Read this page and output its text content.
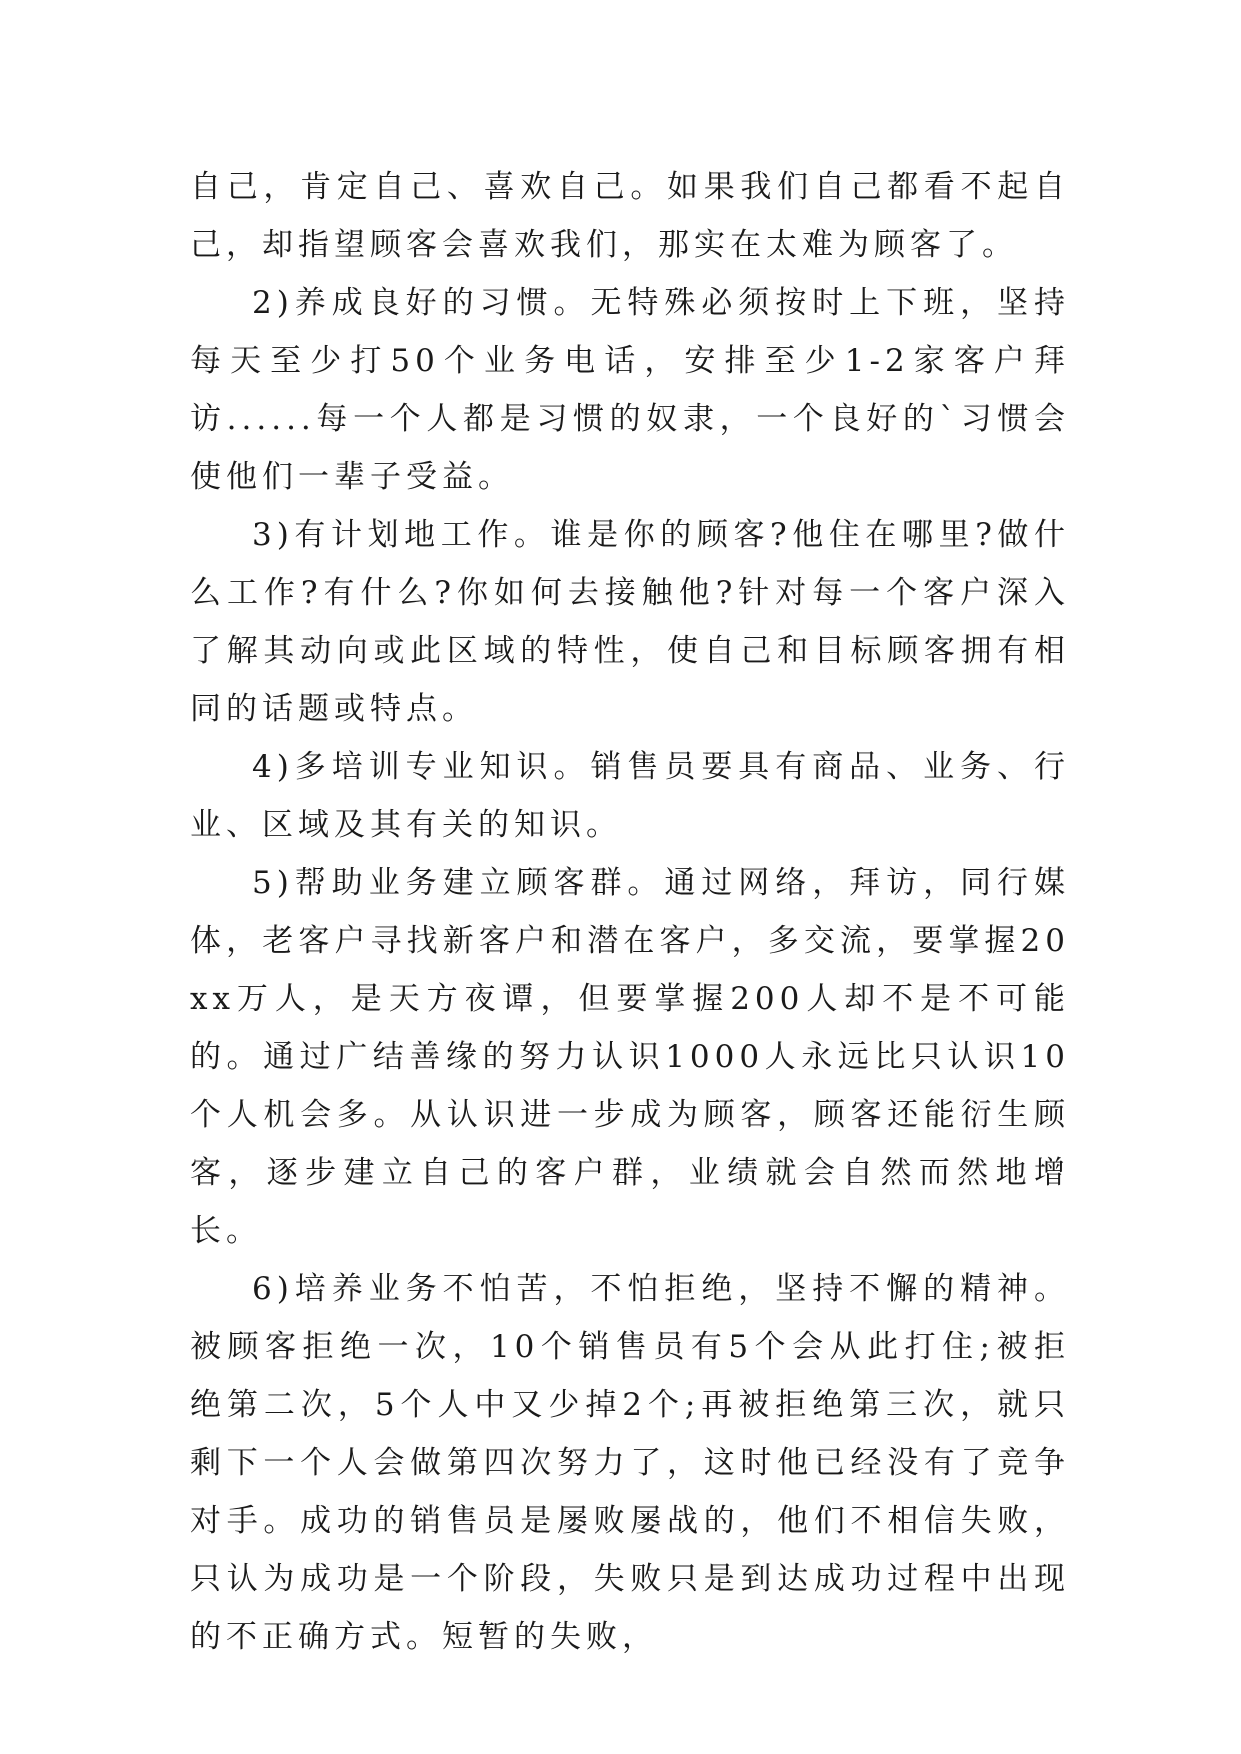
自己，肯定自己、喜欢自己。如果我们自己都看不起自己，却指望顾客会喜欢我们，那实在太难为顾客了。

2)养成良好的习惯。无特殊必须按时上下班，坚持每天至少打50个业务电话，安排至少1-2家客户拜访......每一个人都是习惯的奴隶，一个良好的`习惯会使他们一辈子受益。

3)有计划地工作。谁是你的顾客?他住在哪里?做什么工作?有什么?你如何去接触他?针对每一个客户深入了解其动向或此区域的特性，使自己和目标顾客拥有相同的话题或特点。

4)多培训专业知识。销售员要具有商品、业务、行业、区域及其有关的知识。

5)帮助业务建立顾客群。通过网络，拜访，同行媒体，老客户寻找新客户和潜在客户，多交流，要掌握20xx万人，是天方夜谭，但要掌握200人却不是不可能的。通过广结善缘的努力认识1000人永远比只认识10个人机会多。从认识进一步成为顾客，顾客还能衍生顾客，逐步建立自己的客户群，业绩就会自然而然地增长。

6)培养业务不怕苦，不怕拒绝，坚持不懈的精神。被顾客拒绝一次，10个销售员有5个会从此打住;被拒绝第二次，5个人中又少掉2个;再被拒绝第三次，就只剩下一个人会做第四次努力了，这时他已经没有了竞争对手。成功的销售员是屡败屡战的，他们不相信失败，只认为成功是一个阶段，失败只是到达成功过程中出现的不正确方式。短暂的失败，
